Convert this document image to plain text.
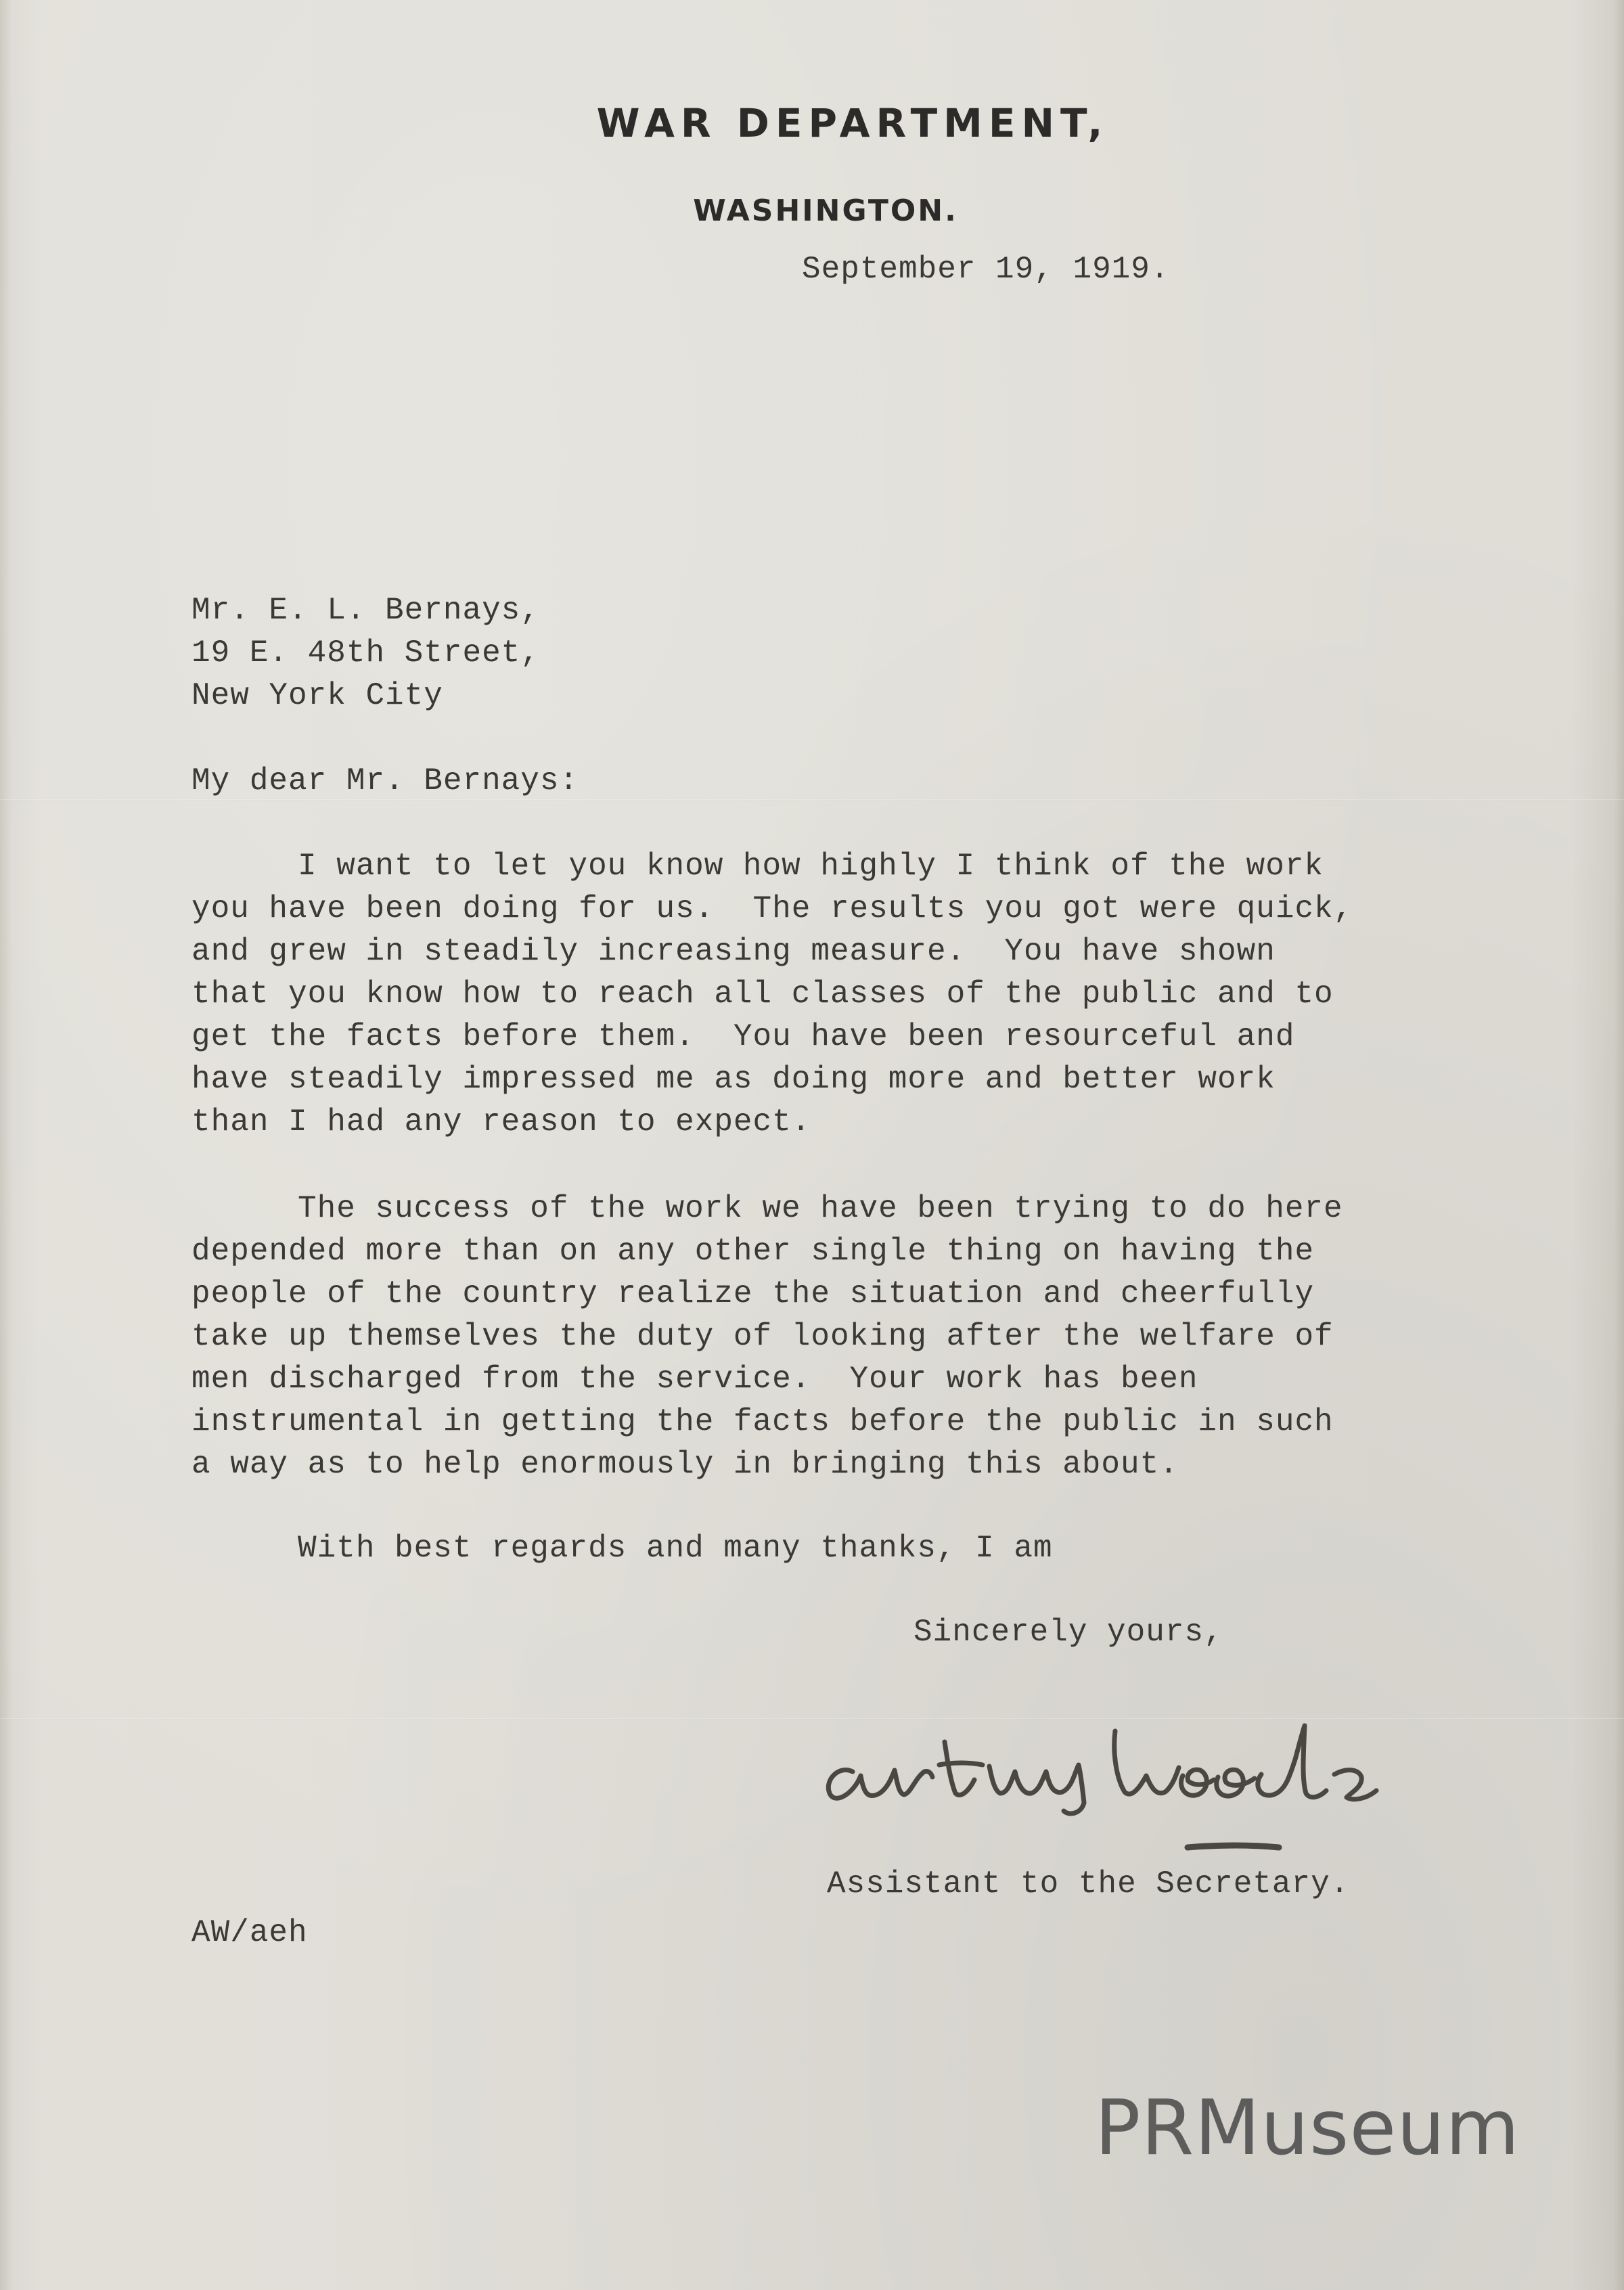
WAR DEPARTMENT,
WASHINGTON.
September 19, 1919.
Mr. E. L. Bernays,
19 E. 48th Street,
New York City
My dear Mr. Bernays:
I want to let you know how highly I think of the work
you have been doing for us.  The results you got were quick,
and grew in steadily increasing measure.  You have shown
that you know how to reach all classes of the public and to
get the facts before them.  You have been resourceful and
have steadily impressed me as doing more and better work
than I had any reason to expect.
The success of the work we have been trying to do here
depended more than on any other single thing on having the
people of the country realize the situation and cheerfully
take up themselves the duty of looking after the welfare of
men discharged from the service.  Your work has been
instrumental in getting the facts before the public in such
a way as to help enormously in bringing this about.
With best regards and many thanks, I am
Sincerely yours,
Assistant to the Secretary.
AW/aeh
PRMuseum
